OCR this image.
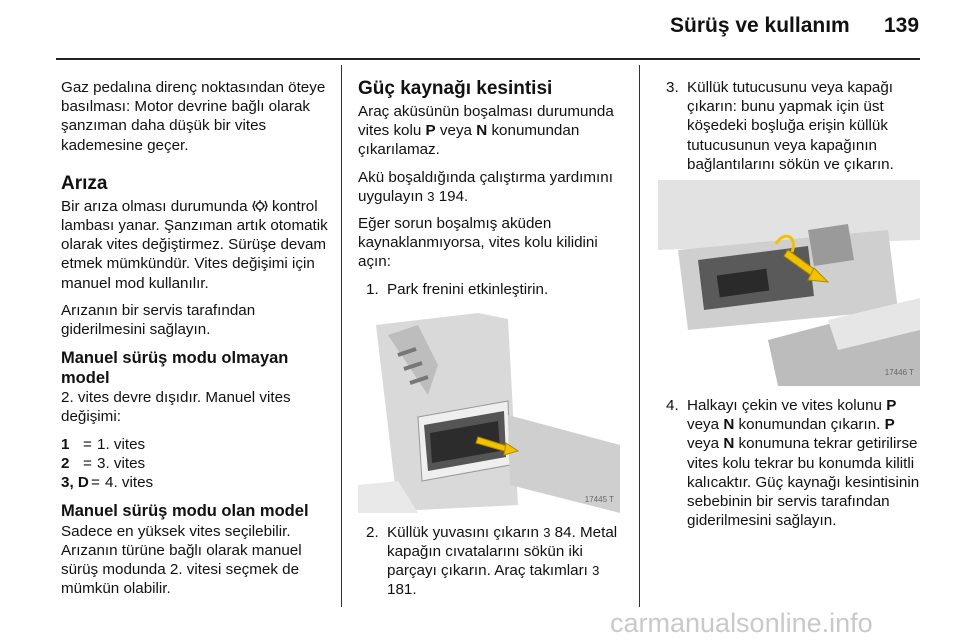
Sürüş ve kullanım 139

Gaz pedalına direnç noktasından öteye basılması: Motor devrine bağlı olarak şanzıman daha düşük bir vites kademesine geçer.

Arıza

Bir arıza olması durumunda kontrol lambası yanar. Şanzıman artık otomatik olarak vites değiştirmez. Sürüşe devam etmek mümkündür. Vites değişimi için manuel mod kullanılır.

Arızanın bir servis tarafından giderilmesini sağlayın.

Manuel sürüş modu olmayan model

2. vites devre dışıdır. Manuel vites değişimi:

1 = 1. vites
2 = 3. vites
3, D = 4. vites
Manuel sürüş modu olan model

Sadece en yüksek vites seçilebilir. Arızanın türüne bağlı olarak manuel sürüş modunda 2. vitesi seçmek de mümkün olabilir.

Güç kaynağı kesintisi

Araç aküsünün boşalması durumunda vites kolu P veya N konumundan çıkarılamaz.

Akü boşaldığında çalıştırma yardımını uygulayın 3 194.

Eğer sorun boşalmış aküden kaynaklanmıyorsa, vites kolu kilidini açın:

1. Park frenini etkinleştirin.
17445 T
2. Küllük yuvasını çıkarın 3 84. Metal kapağın cıvatalarını sökün iki parçayı çıkarın. Araç takımları 3 181.
3. Küllük tutucusunu veya kapağı çıkarın: bunu yapmak için üst köşedeki boşluğa erişin küllük tutucusunun veya kapağının bağlantılarını sökün ve çıkarın.
17446 T
4. Halkayı çekin ve vites kolunu P veya N konumundan çıkarın. P veya N konumuna tekrar getirilirse vites kolu tekrar bu konumda kilitli kalıcaktır. Güç kaynağı kesintisinin sebebinin bir servis tarafından giderilmesini sağlayın.
carmanualsonline.info
